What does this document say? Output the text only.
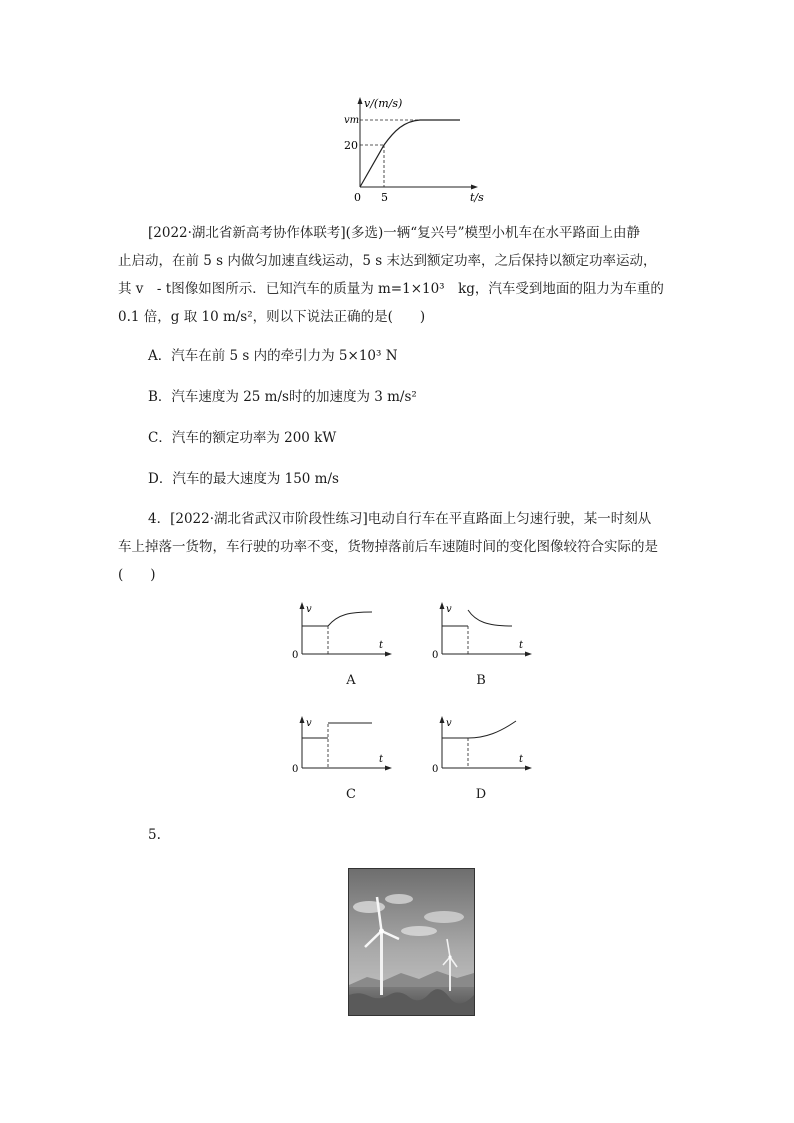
v/(m/s)
vm
20
0 5	t/s
[2022·湖北省新高考协作体联考](多选)一辆“复兴号”模型小机车在水平路面上由静
止启动，在前 5 s 内做匀加速直线运动，5 s 末达到额定功率，之后保持以额定功率运动，
其 v　- t图像如图所示．已知汽车的质量为 m=1×10³　kg，汽车受到地面的阻力为车重的
0.1 倍，g 取 10 m/s²，则以下说法正确的是(　　)
A．汽车在前 5 s 内的牵引力为 5×10³ N
B．汽车速度为 25 m/s时的加速度为 3 m/s²
C．汽车的额定功率为 200 kW
D．汽车的最大速度为 150 m/s
4．[2022·湖北省武汉市阶段性练习]电动自行车在平直路面上匀速行驶，某一时刻从
车上掉落一货物，车行驶的功率不变，货物掉落前后车速随时间的变化图像较符合实际的是
(　　)
v
t
0
A
v
t
0
B
v
t
0
C
v
t
0
D
5.
